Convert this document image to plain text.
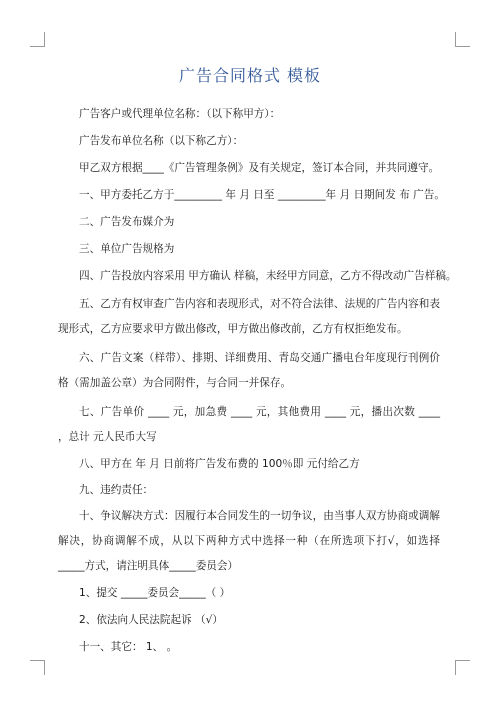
广告合同格式 模板

广告客户或代理单位名称：（以下称甲方）：

广告发布单位名称（以下称乙方）：

甲乙双方根据____《广告管理条例》及有关规定，签订本合同，并共同遵守。

一、甲方委托乙方于_________ 年 月 日至 _________年 月 日期间发 布 广告。

二、广告发布媒介为

三、单位广告规格为

四、广告投放内容采用 甲方确认 样稿，未经甲方同意，乙方不得改动广告样稿。

五、乙方有权审查广告内容和表现形式，对不符合法律、法规的广告内容和表现形式，乙方应要求甲方做出修改，甲方做出修改前，乙方有权拒绝发布。

六、广告文案（样带）、排期、详细费用、青岛交通广播电台年度现行刊例价格（需加盖公章）为合同附件，与合同一并保存。

七、广告单价 ____ 元，加急费 ____ 元，其他费用 ____ 元，播出次数 ____ ，总计 元人民币大写

八、甲方在 年 月 日前将广告发布费的 100％即 元付给乙方

九、违约责任：

十、争议解决方式：因履行本合同发生的一切争议，由当事人双方协商或调解解决，协商调解不成，从以下两种方式中选择一种（在所选项下打√，如选择_____方式，请注明具体_____委员会）

1、提交 _____委员会_____（ ）

2、依法向人民法院起诉 （√）

十一、其它： 1、 。
